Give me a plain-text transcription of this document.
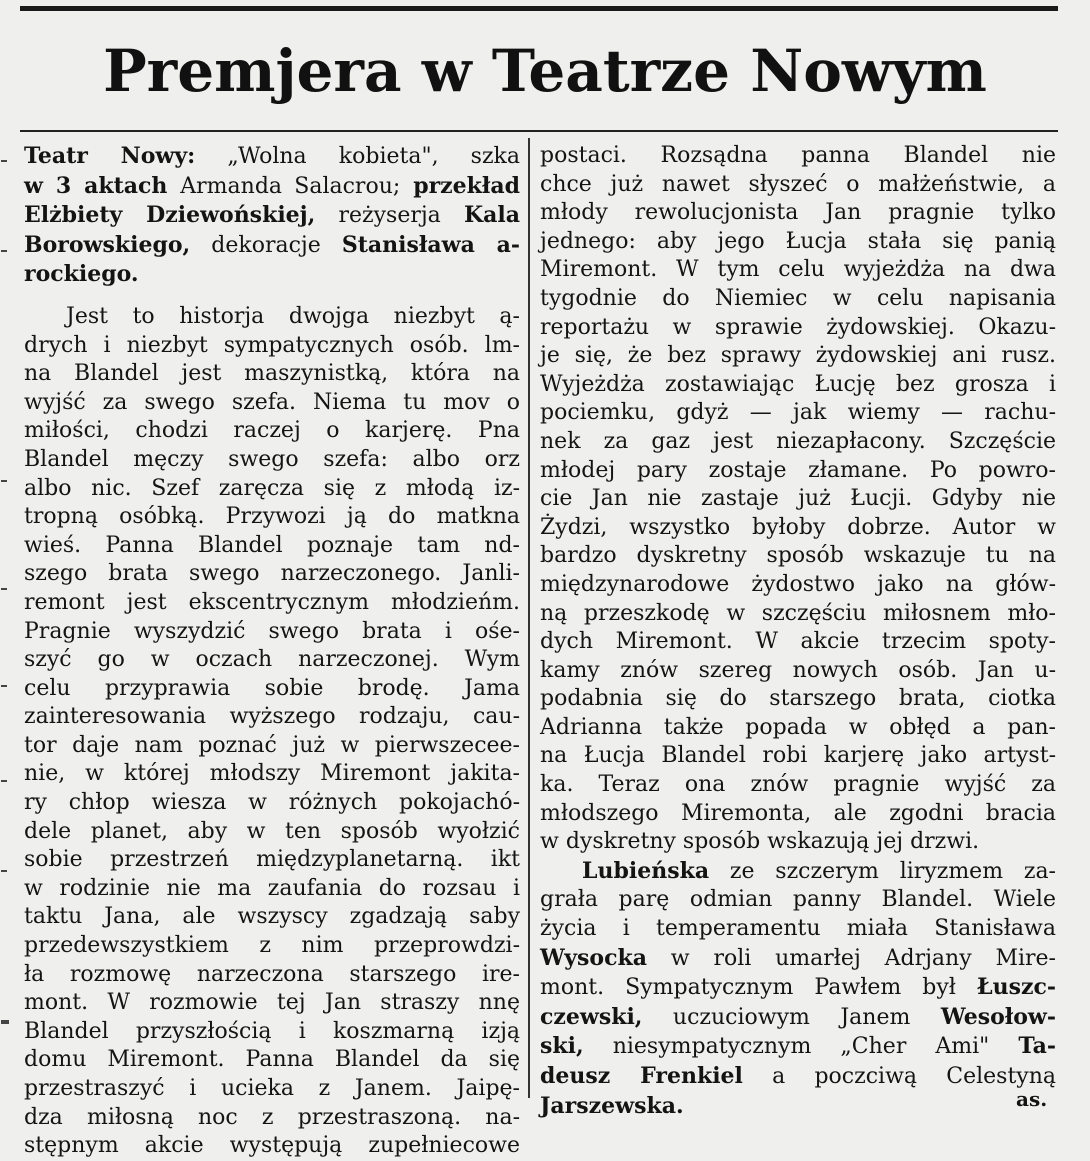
Premjera w Teatrze Nowym
Teatr Nowy: „Wolna kobieta", szka
w 3 aktach Armanda Salacrou; przekład
Elżbiety Dziewońskiej, reżyserja Kala
Borowskiego, dekoracje Stanisława a-
rockiego.
Jest to historja dwojga niezbyt ą-
drych i niezbyt sympatycznych osób. lm-
na Blandel jest maszynistką, która na
wyjść za swego szefa. Niema tu mov o
miłości, chodzi raczej o karjerę. Pna
Blandel męczy swego szefa: albo orz
albo nic. Szef zaręcza się z młodą iz-
tropną osóbką. Przywozi ją do matkna
wieś. Panna Blandel poznaje tam nd-
szego brata swego narzeczonego. Janli-
remont jest ekscentrycznym młodzieńm.
Pragnie wyszydzić swego brata i ośe-
szyć go w oczach narzeczonej. Wym
celu przyprawia sobie brodę. Jama
zainteresowania wyższego rodzaju, cau-
tor daje nam poznać już w pierwszecee-
nie, w której młodszy Miremont jakita-
ry chłop wiesza w różnych pokojachó-
dele planet, aby w ten sposób wyołzić
sobie przestrzeń międzyplanetarną. ikt
w rodzinie nie ma zaufania do rozsau i
taktu Jana, ale wszyscy zgadzają saby
przedewszystkiem z nim przeprowdzi-
ła rozmowę narzeczona starszego ire-
mont. W rozmowie tej Jan straszy nnę
Blandel przyszłością i koszmarną izją
domu Miremont. Panna Blandel da się
przestraszyć i ucieka z Janem. Jaipę-
dza miłosną noc z przestraszoną. na-
stępnym akcie występują zupełniecowe
postaci. Rozsądna panna Blandel nie
chce już nawet słyszeć o małżeństwie, a
młody rewolucjonista Jan pragnie tylko
jednego: aby jego Łucja stała się panią
Miremont. W tym celu wyjeżdża na dwa
tygodnie do Niemiec w celu napisania
reportażu w sprawie żydowskiej. Okazu-
je się, że bez sprawy żydowskiej ani rusz.
Wyjeżdża zostawiając Łucję bez grosza i
pociemku, gdyż — jak wiemy — rachu-
nek za gaz jest niezapłacony. Szczęście
młodej pary zostaje złamane. Po powro-
cie Jan nie zastaje już Łucji. Gdyby nie
Żydzi, wszystko byłoby dobrze. Autor w
bardzo dyskretny sposób wskazuje tu na
międzynarodowe żydostwo jako na głów-
ną przeszkodę w szczęściu miłosnem mło-
dych Miremont. W akcie trzecim spoty-
kamy znów szereg nowych osób. Jan u-
podabnia się do starszego brata, ciotka
Adrianna także popada w obłęd a pan-
na Łucja Blandel robi karjerę jako artyst-
ka. Teraz ona znów pragnie wyjść za
młodszego Miremonta, ale zgodni bracia
w dyskretny sposób wskazują jej drzwi.
Lubieńska ze szczerym liryzmem za-
grała parę odmian panny Blandel. Wiele
życia i temperamentu miała Stanisława
Wysocka w roli umarłej Adrjany Mire-
mont. Sympatycznym Pawłem był Łuszc-
czewski, uczuciowym Janem Wesołow-
ski, niesympatycznym „Cher Ami" Ta-
deusz Frenkiel a poczciwą Celestyną
Jarszewska.	as.
